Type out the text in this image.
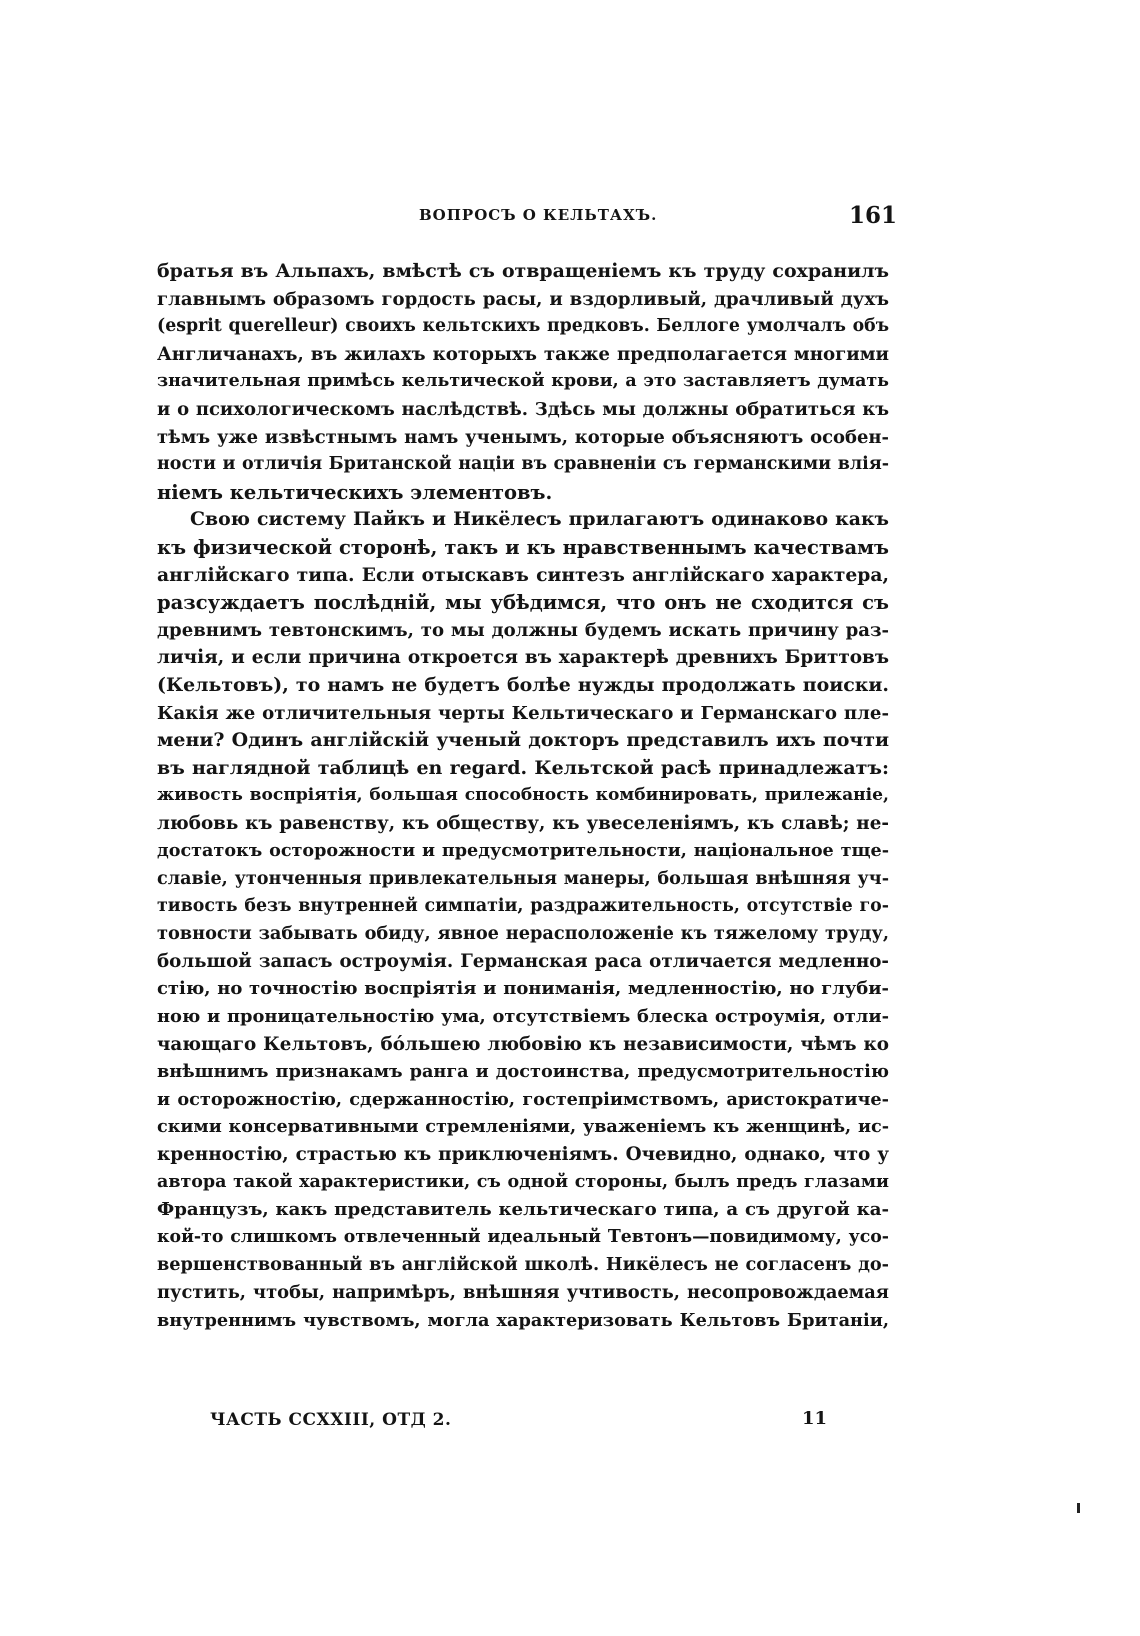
ВОПРОСЪ О КЕЛЬТАХЪ.	161
братья въ Альпахъ, вмѣстѣ съ отвращеніемъ къ труду сохранилъ
главнымъ образомъ гордость расы, и вздорливый, драчливый духъ
(esprit querelleur) своихъ кельтскихъ предковъ. Беллоге умолчалъ объ
Англичанахъ, въ жилахъ которыхъ также предполагается многими
значительная примѣсь кельтической крови, а это заставляетъ думать
и о психологическомъ наслѣдствѣ. Здѣсь мы должны обратиться къ
тѣмъ уже извѣстнымъ намъ ученымъ, которые объясняютъ особен-
ности и отличія Британской націи въ сравненіи съ германскими влія-
ніемъ кельтическихъ элементовъ.
Свою систему Пайкъ и Никёлесъ прилагаютъ одинаково какъ
къ физической сторонѣ, такъ и къ нравственнымъ качествамъ
англійскаго типа. Если отыскавъ синтезъ англійскаго характера,
разсуждаетъ послѣдній, мы убѣдимся, что онъ не сходится съ
древнимъ тевтонскимъ, то мы должны будемъ искать причину раз-
личія, и если причина откроется въ характерѣ древнихъ Бриттовъ
(Кельтовъ), то намъ не будетъ болѣе нужды продолжать поиски.
Какія же отличительныя черты Кельтическаго и Германскаго пле-
мени? Одинъ англійскій ученый докторъ представилъ ихъ почти
въ наглядной таблицѣ en regard. Кельтской расѣ принадлежатъ:
живость воспріятія, большая способность комбинировать, прилежаніе,
любовь къ равенству, къ обществу, къ увеселеніямъ, къ славѣ; не-
достатокъ осторожности и предусмотрительности, національное тще-
славіе, утонченныя привлекательныя манеры, большая внѣшняя уч-
тивость безъ внутренней симпатіи, раздражительность, отсутствіе го-
товности забывать обиду, явное нерасположеніе къ тяжелому труду,
большой запасъ остроумія. Германская раса отличается медленно-
стію, но точностію воспріятія и пониманія, медленностію, но глуби-
ною и проницательностію ума, отсутствіемъ блеска остроумія, отли-
чающаго Кельтовъ, бо́льшею любовію къ независимости, чѣмъ ко
внѣшнимъ признакамъ ранга и достоинства, предусмотрительностію
и осторожностію, сдержанностію, гостепріимствомъ, аристократиче-
скими консервативными стремленіями, уваженіемъ къ женщинѣ, ис-
кренностію, страстью къ приключеніямъ. Очевидно, однако, что у
автора такой характеристики, съ одной стороны, былъ предъ глазами
Французъ, какъ представитель кельтическаго типа, а съ другой ка-
кой-то слишкомъ отвлеченный идеальный Тевтонъ—повидимому, усо-
вершенствованный въ англійской школѣ. Никёлесъ не согласенъ до-
пустить, чтобы, напримѣръ, внѣшняя учтивость, несопровождаемая
внутреннимъ чувствомъ, могла характеризовать Кельтовъ Британіи,
ЧАСТЬ CCXXIII, ОТД 2.	11
